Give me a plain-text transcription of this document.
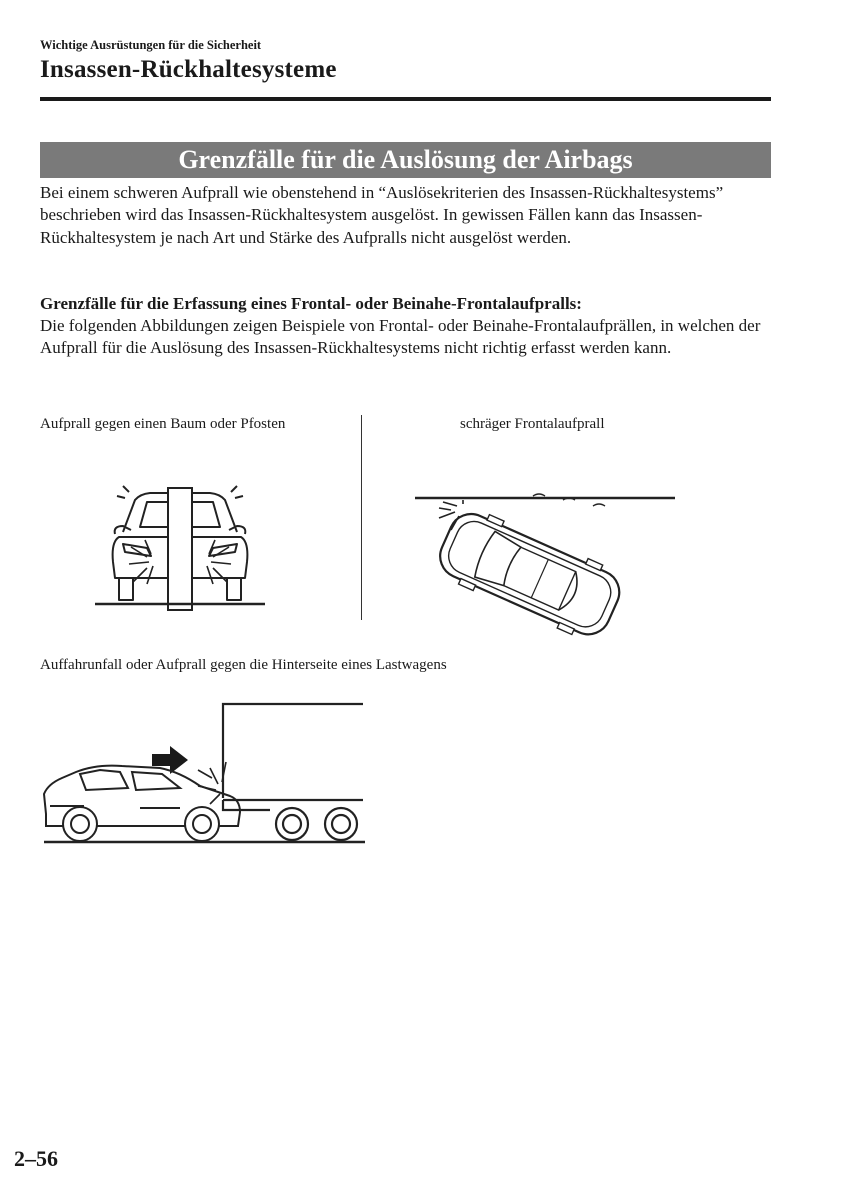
Wichtige Ausrüstungen für die Sicherheit
Insassen-Rückhaltesysteme
Grenzfälle für die Auslösung der Airbags
Bei einem schweren Aufprall wie obenstehend in “Auslösekriterien des Insassen-Rückhaltesystems” beschrieben wird das Insassen-Rückhaltesystem ausgelöst. In gewissen Fällen kann das Insassen-Rückhaltesystem je nach Art und Stärke des Aufpralls nicht ausgelöst werden.
Grenzfälle für die Erfassung eines Frontal- oder Beinahe-Frontalaufpralls:
Die folgenden Abbildungen zeigen Beispiele von Frontal- oder Beinahe-Frontalaufprällen, in welchen der Aufprall für die Auslösung des Insassen-Rückhaltesystems nicht richtig erfasst werden kann.
Aufprall gegen einen Baum oder Pfosten	schräger Frontalaufprall
Auffahrunfall oder Aufprall gegen die Hinterseite eines Lastwagens
2–56
